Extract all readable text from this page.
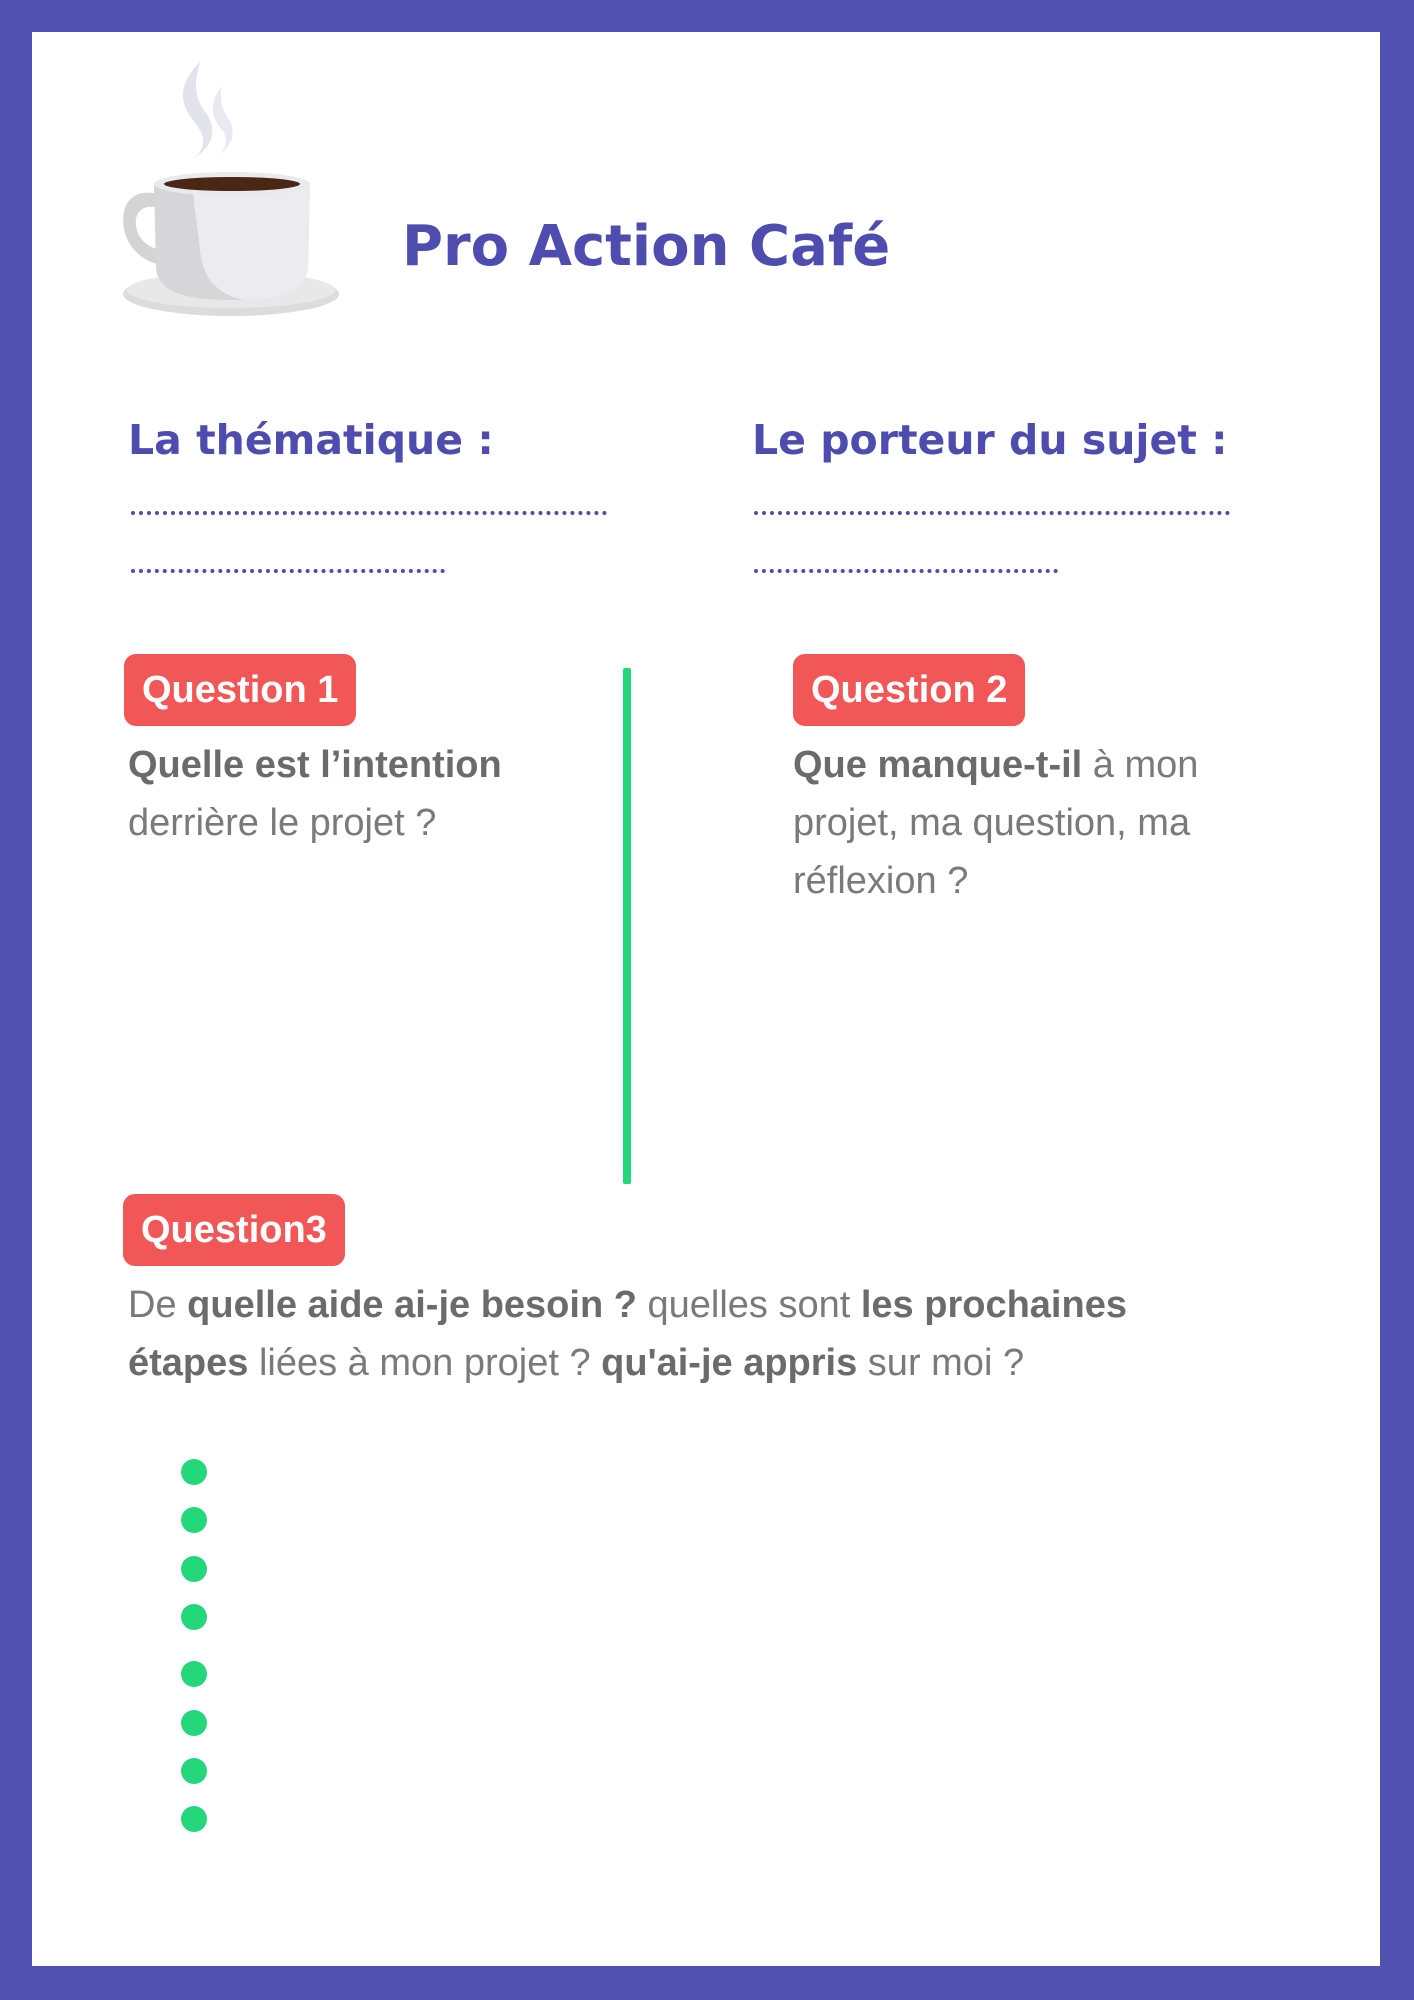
Pro Action Café
La thématique :	Le porteur du sujet :
Question 1
Quelle est l’intention
derrière le projet ?
Question 2
Que manque-t-il à mon projet, ma question, ma réflexion ?
Question3
De quelle aide ai-je besoin ? quelles sont les prochaines étapes liées à mon projet ? qu'ai-je appris sur moi ?
